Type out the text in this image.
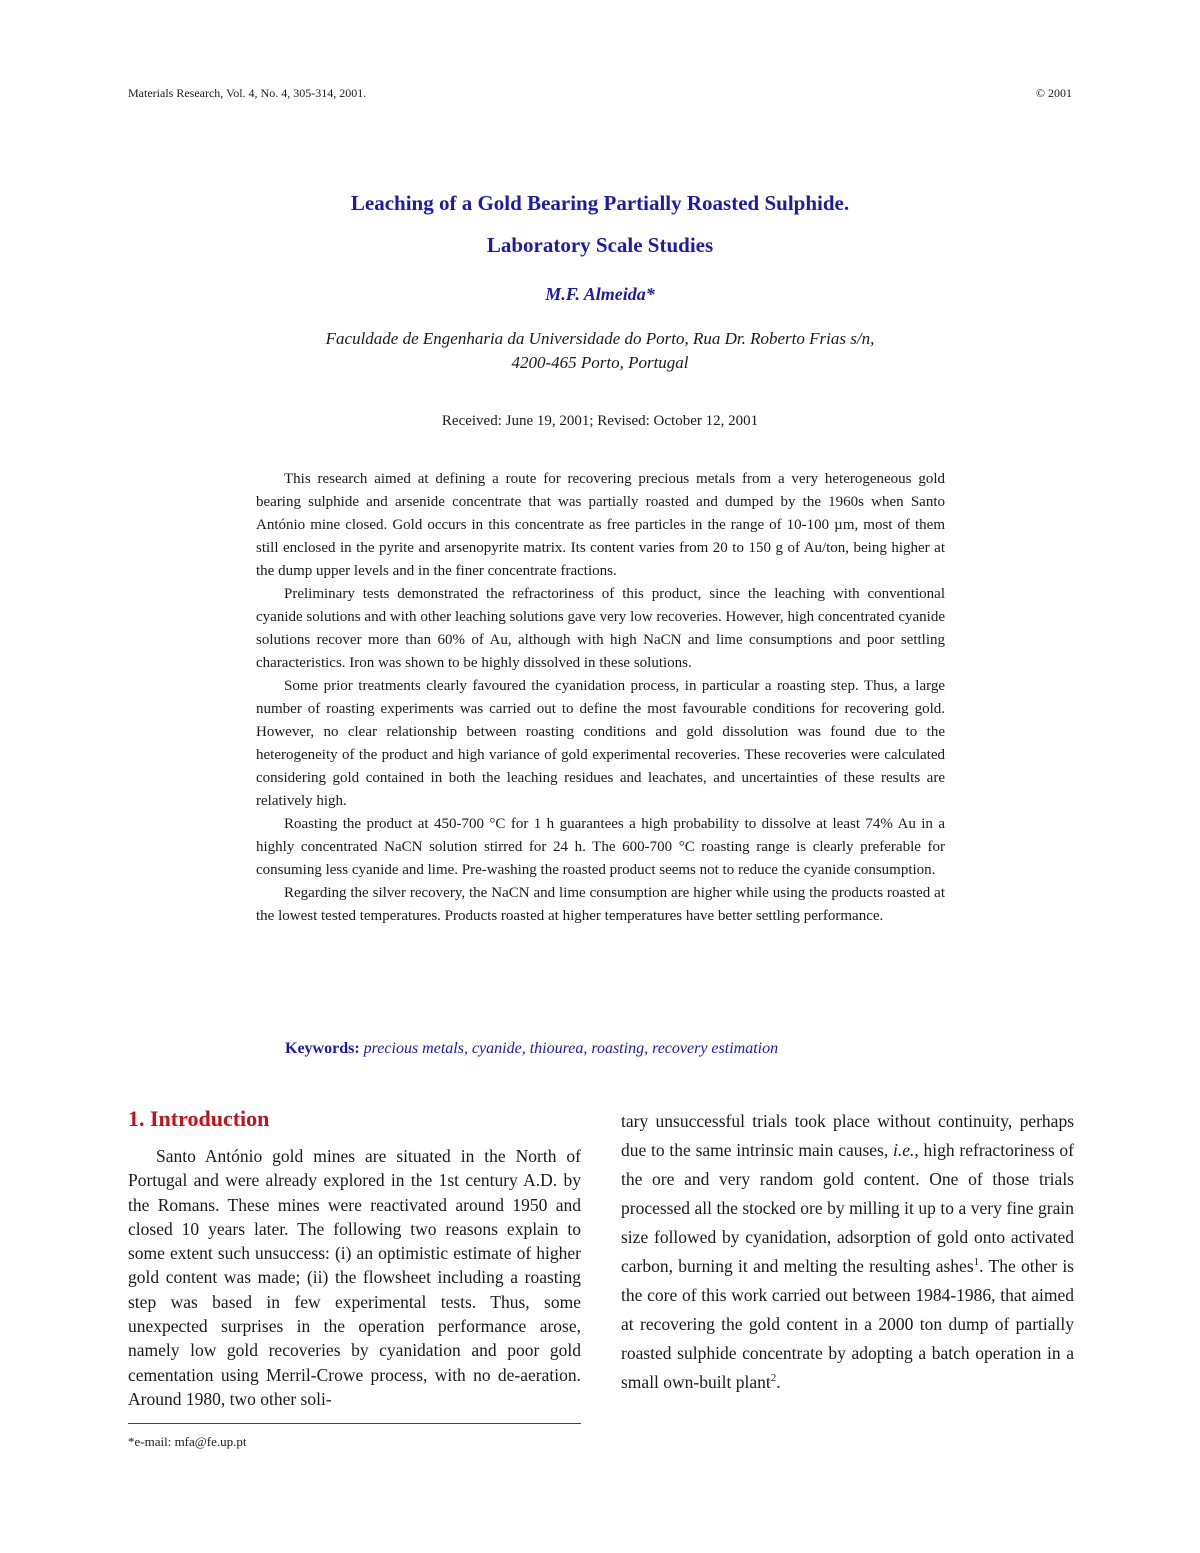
Materials Research, Vol. 4, No. 4, 305-314, 2001.	© 2001
Leaching of a Gold Bearing Partially Roasted Sulphide.
Laboratory Scale Studies
M.F. Almeida*
Faculdade de Engenharia da Universidade do Porto, Rua Dr. Roberto Frias s/n,
4200-465 Porto, Portugal
Received: June 19, 2001; Revised: October 12, 2001

This research aimed at defining a route for recovering precious metals from a very heterogeneous gold bearing sulphide and arsenide concentrate that was partially roasted and dumped by the 1960s when Santo António mine closed. Gold occurs in this concentrate as free particles in the range of 10-100 µm, most of them still enclosed in the pyrite and arsenopyrite matrix. Its content varies from 20 to 150 g of Au/ton, being higher at the dump upper levels and in the finer concentrate fractions.

Preliminary tests demonstrated the refractoriness of this product, since the leaching with conventional cyanide solutions and with other leaching solutions gave very low recoveries. However, high concentrated cyanide solutions recover more than 60% of Au, although with high NaCN and lime consumptions and poor settling characteristics. Iron was shown to be highly dissolved in these solutions.

Some prior treatments clearly favoured the cyanidation process, in particular a roasting step. Thus, a large number of roasting experiments was carried out to define the most favourable conditions for recovering gold. However, no clear relationship between roasting conditions and gold dissolution was found due to the heterogeneity of the product and high variance of gold experimental recoveries. These recoveries were calculated considering gold contained in both the leaching residues and leachates, and uncertainties of these results are relatively high.

Roasting the product at 450-700 °C for 1 h guarantees a high probability to dissolve at least 74% Au in a highly concentrated NaCN solution stirred for 24 h. The 600-700 °C roasting range is clearly preferable for consuming less cyanide and lime. Pre-washing the roasted product seems not to reduce the cyanide consumption.

Regarding the silver recovery, the NaCN and lime consumption are higher while using the products roasted at the lowest tested temperatures. Products roasted at higher temperatures have better settling performance.

Keywords: precious metals, cyanide, thiourea, roasting, recovery estimation
1. Introduction

Santo António gold mines are situated in the North of Portugal and were already explored in the 1st century A.D. by the Romans. These mines were reactivated around 1950 and closed 10 years later. The following two reasons explain to some extent such unsuccess: (i) an optimistic estimate of higher gold content was made; (ii) the flowsheet including a roasting step was based in few experimental tests. Thus, some unexpected surprises in the operation performance arose, namely low gold recoveries by cyanidation and poor gold cementation using Merril-Crowe process, with no de-aeration. Around 1980, two other soli-

tary unsuccessful trials took place without continuity, perhaps due to the same intrinsic main causes, i.e., high refractoriness of the ore and very random gold content. One of those trials processed all the stocked ore by milling it up to a very fine grain size followed by cyanidation, adsorption of gold onto activated carbon, burning it and melting the resulting ashes$^1$. The other is the core of this work carried out between 1984-1986, that aimed at recovering the gold content in a 2000 ton dump of partially roasted sulphide concentrate by adopting a batch operation in a small own-built plant$^2$.

*e-mail: mfa@fe.up.pt
